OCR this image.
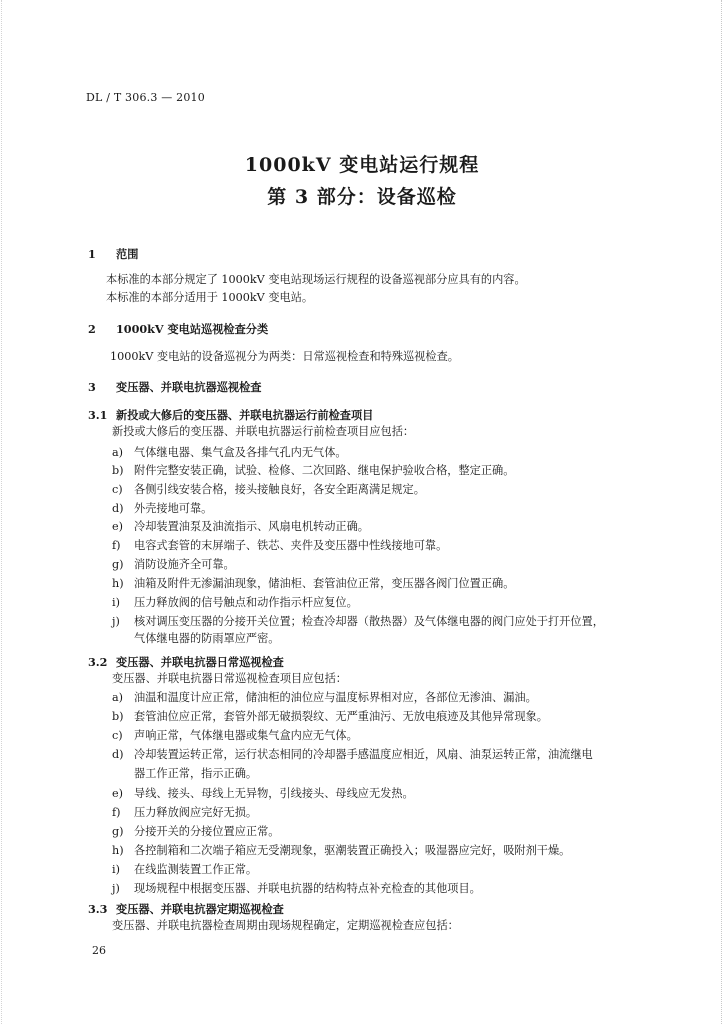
DL / T 306.3 — 2010
1000kV 变电站运行规程
第 3 部分：设备巡检
1 范围
本标准的本部分规定了 1000kV 变电站现场运行规程的设备巡视部分应具有的内容。
本标准的本部分适用于 1000kV 变电站。
2 1000kV 变电站巡视检查分类
1000kV 变电站的设备巡视分为两类：日常巡视检查和特殊巡视检查。
3 变压器、并联电抗器巡视检查
3.1 新投或大修后的变压器、并联电抗器运行前检查项目
新投或大修后的变压器、并联电抗器运行前检查项目应包括：
a) 气体继电器、集气盒及各排气孔内无气体。
b) 附件完整安装正确，试验、检修、二次回路、继电保护验收合格，整定正确。
c) 各侧引线安装合格，接头接触良好，各安全距离满足规定。
d) 外壳接地可靠。
e) 冷却装置油泵及油流指示、风扇电机转动正确。
f) 电容式套管的末屏端子、铁芯、夹件及变压器中性线接地可靠。
g) 消防设施齐全可靠。
h) 油箱及附件无渗漏油现象，储油柜、套管油位正常，变压器各阀门位置正确。
i) 压力释放阀的信号触点和动作指示杆应复位。
j) 核对调压变压器的分接开关位置；检查冷却器（散热器）及气体继电器的阀门应处于打开位置，
气体继电器的防雨罩应严密。
3.2 变压器、并联电抗器日常巡视检查
变压器、并联电抗器日常巡视检查项目应包括：
a) 油温和温度计应正常，储油柜的油位应与温度标界相对应，各部位无渗油、漏油。
b) 套管油位应正常，套管外部无破损裂纹、无严重油污、无放电痕迹及其他异常现象。
c) 声响正常，气体继电器或集气盒内应无气体。
d) 冷却装置运转正常，运行状态相同的冷却器手感温度应相近，风扇、油泵运转正常，油流继电
器工作正常，指示正确。
e) 导线、接头、母线上无异物，引线接头、母线应无发热。
f) 压力释放阀应完好无损。
g) 分接开关的分接位置应正常。
h) 各控制箱和二次端子箱应无受潮现象，驱潮装置正确投入；吸湿器应完好，吸附剂干燥。
i) 在线监测装置工作正常。
j) 现场规程中根据变压器、并联电抗器的结构特点补充检查的其他项目。
3.3 变压器、并联电抗器定期巡视检查
变压器、并联电抗器检查周期由现场规程确定，定期巡视检查应包括：
26
